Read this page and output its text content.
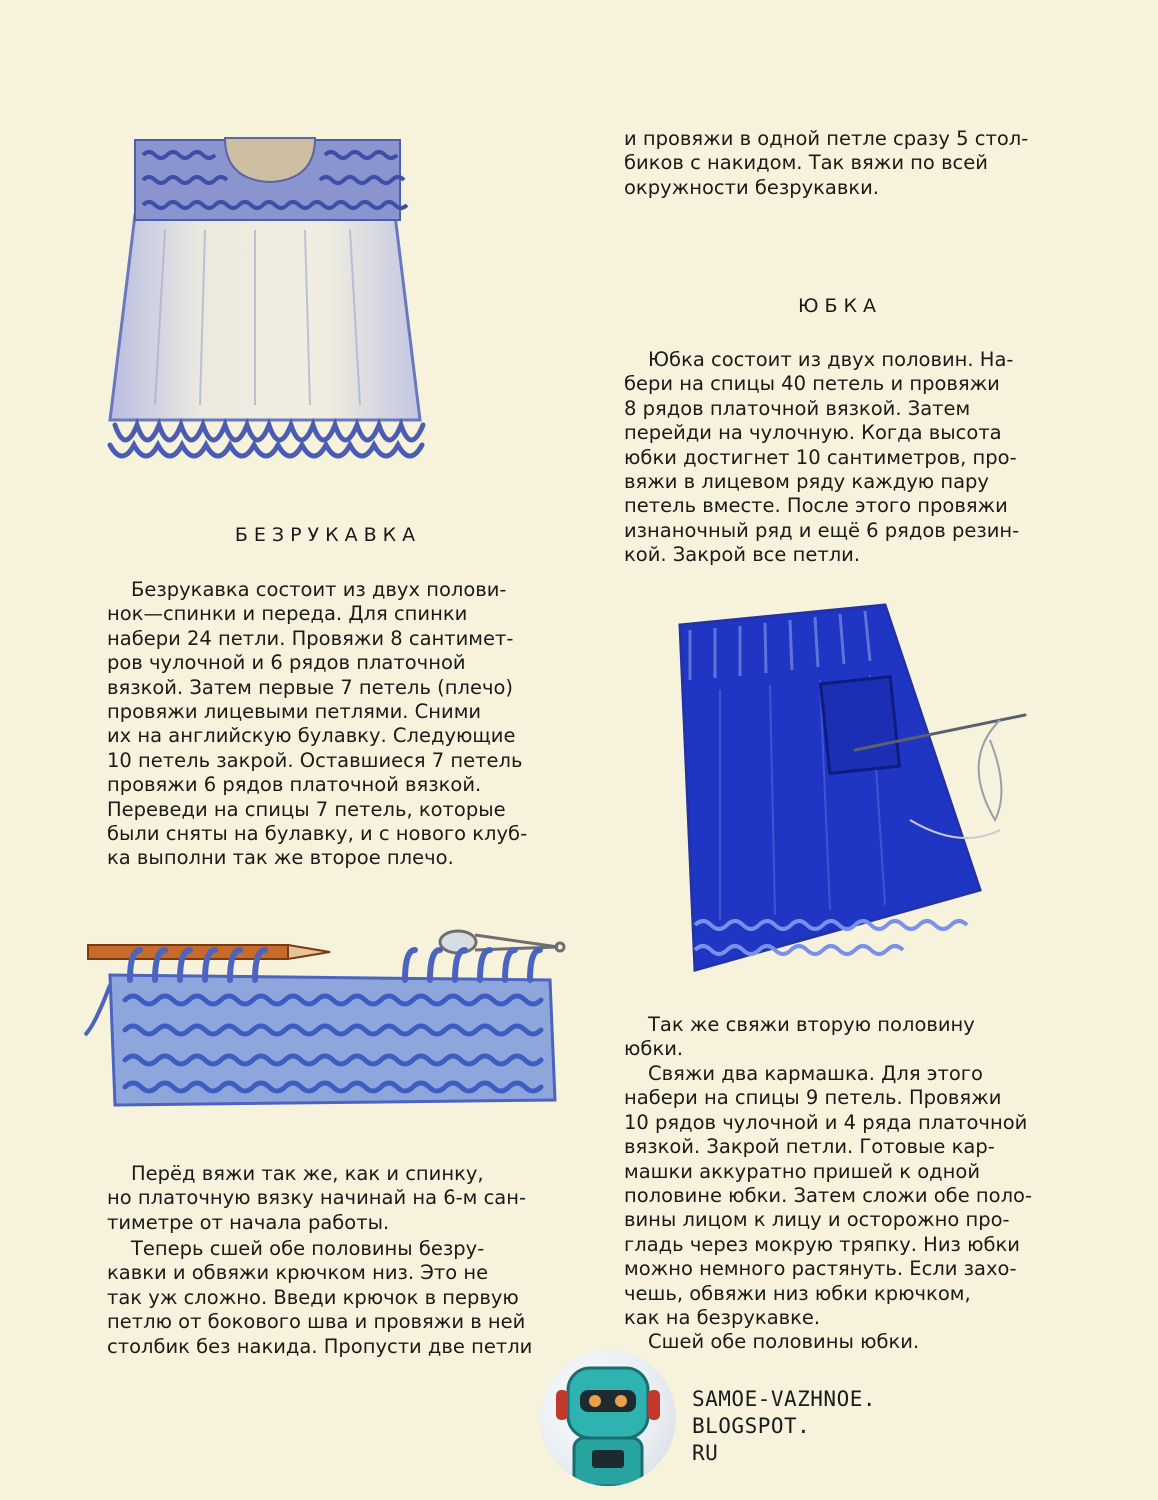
и провяжи в одной петле сразу 5 стол-
биков с накидом. Так вяжи по всей
окружности безрукавки.

ЮБКА

Юбка состоит из двух половин. На-
бери на спицы 40 петель и провяжи
8 рядов платочной вязкой. Затем
перейди на чулочную. Когда высота
юбки достигнет 10 сантиметров, про-
вяжи в лицевом ряду каждую пару
петель вместе. После этого провяжи
изнаночный ряд и ещё 6 рядов резин-
кой. Закрой все петли.

БЕЗРУКАВКА

Безрукавка состоит из двух полови-
нок—спинки и переда. Для спинки
набери 24 петли. Провяжи 8 сантимет-
ров чулочной и 6 рядов платочной
вязкой. Затем первые 7 петель (плечо)
провяжи лицевыми петлями. Сними
их на английскую булавку. Следующие
10 петель закрой. Оставшиеся 7 петель
провяжи 6 рядов платочной вязкой.
Переведи на спицы 7 петель, которые
были сняты на булавку, и с нового клуб-
ка выполни так же второе плечо.

Так же свяжи вторую половину
юбки.

Свяжи два кармашка. Для этого
набери на спицы 9 петель. Провяжи
10 рядов чулочной и 4 ряда платочной
вязкой. Закрой петли. Готовые кар-
машки аккуратно пришей к одной
половине юбки. Затем сложи обе поло-
вины лицом к лицу и осторожно про-
гладь через мокрую тряпку. Низ юбки
можно немного растянуть. Если захо-
чешь, обвяжи низ юбки крючком,
как на безрукавке.

Сшей обе половины юбки.

Перёд вяжи так же, как и спинку,
но платочную вязку начинай на 6-м сан-
тиметре от начала работы.

Теперь сшей обе половины безру-
кавки и обвяжи крючком низ. Это не
так уж сложно. Введи крючок в первую
петлю от бокового шва и провяжи в ней
столбик без накида. Пропусти две петли

SAMOE-VAZHNOE.
BLOGSPOT.
RU
